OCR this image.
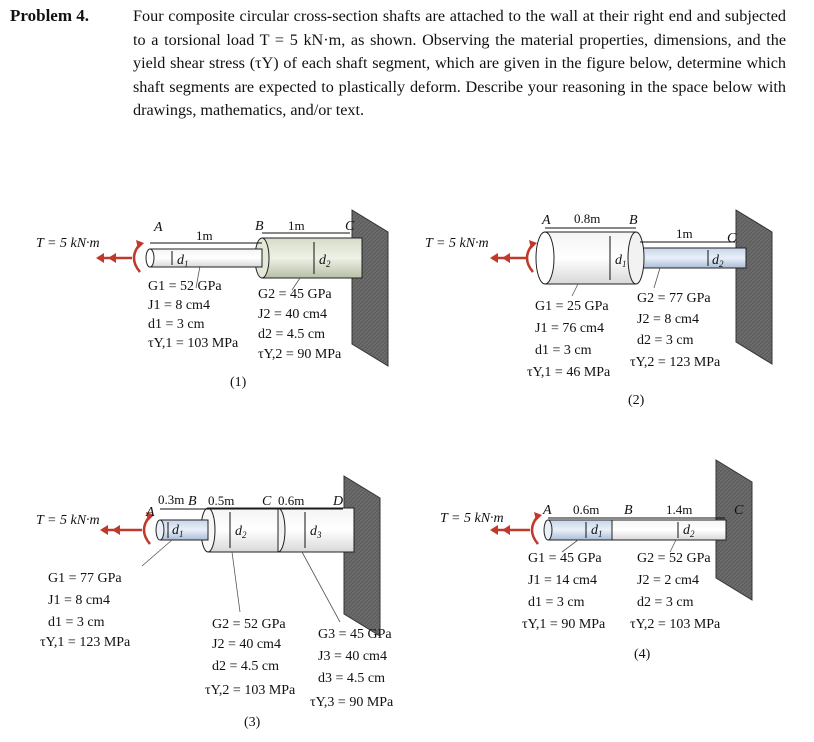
Problem 4.	Four composite circular cross-section shafts are attached to the wall at their right end and subjected to a torsional load T = 5 kN·m, as shown. Observing the material properties, dimensions, and the yield shear stress (τY) of each shaft segment, which are given in the figure below, determine which shaft segments are expected to plastically deform. Describe your reasoning in the space below with drawings, mathematics, and/or text.
T = 5 kN·m
A	B	C
1m
1m
$d_1$	$d_2$
G1 = 52 GPa
J1 = 8 cm4
d1 = 3 cm
τY,1 = 103 MPa
G2 = 45 GPa
J2 = 40 cm4
d2 = 4.5 cm
τY,2 = 90 MPa
(1)
T = 5 kN·m
A	B
C
0.8m
1m
$d_1$	$d_2$
G1 = 25 GPa
J1 = 76 cm4
d1 = 3 cm
τY,1 = 46 MPa
G2 = 77 GPa
J2 = 8 cm4
d2 = 3 cm
τY,2 = 123 MPa
(2)
T = 5 kN·m
A
B	C	D
0.3m 0.5m	0.6m
$d_1$	$d_2$	$d_3$
G1 = 77 GPa
J1 = 8 cm4
d1 = 3 cm
τY,1 = 123 MPa
G2 = 52 GPa
J2 = 40 cm4
d2 = 4.5 cm
τY,2 = 103 MPa
G3 = 45 GPa
J3 = 40 cm4
d3 = 4.5 cm
τY,3 = 90 MPa
(3)
T = 5 kN·m
A	B	C
0.6m	1.4m
$d_1$	$d_2$
G1 = 45 GPa
J1 = 14 cm4
d1 = 3 cm
τY,1 = 90 MPa
G2 = 52 GPa
J2 = 2 cm4
d2 = 3 cm
τY,2 = 103 MPa
(4)
